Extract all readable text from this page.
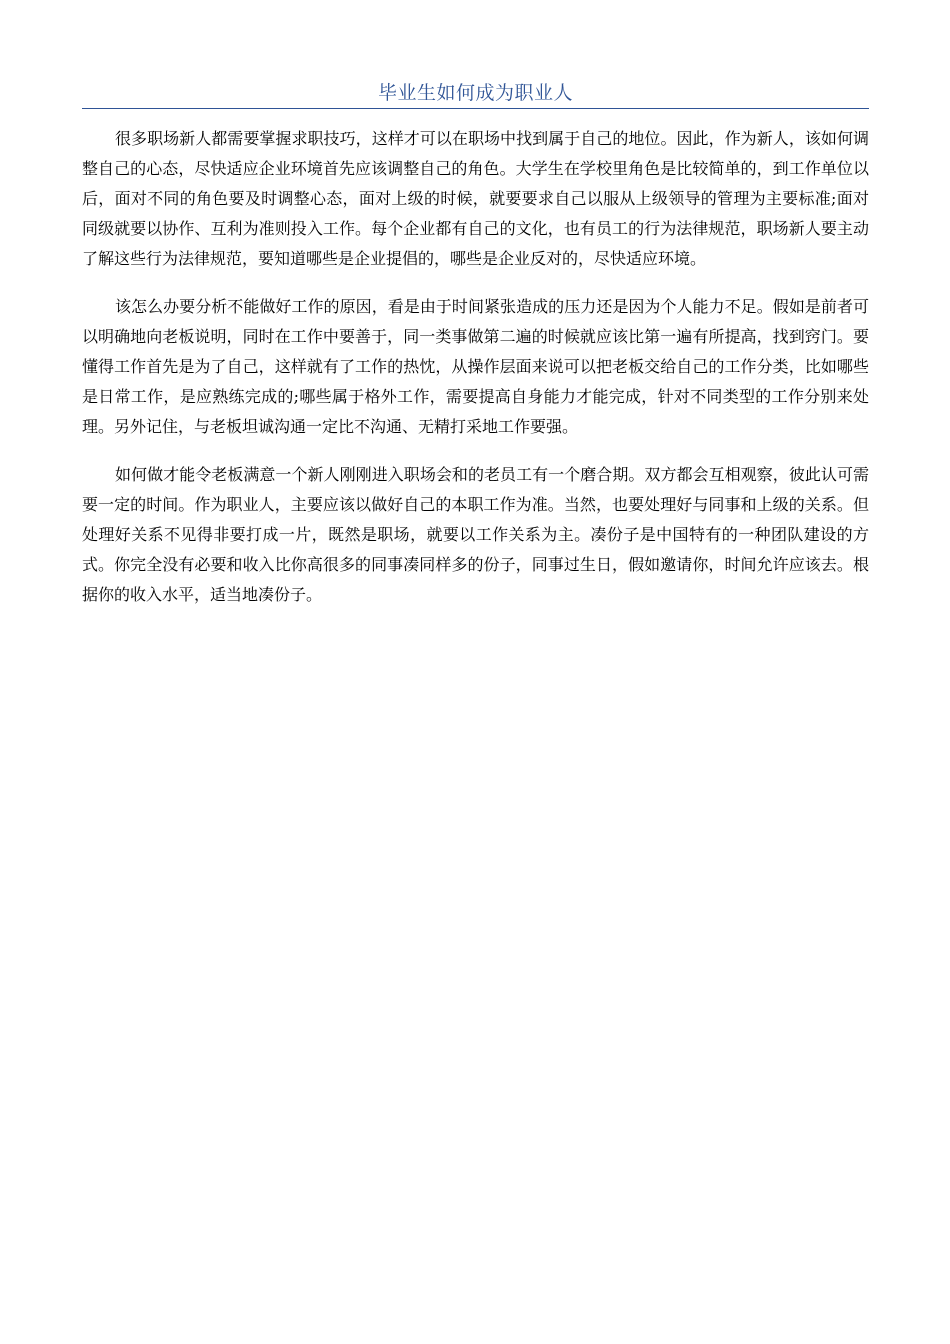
毕业生如何成为职业人

很多职场新人都需要掌握求职技巧，这样才可以在职场中找到属于自己的地位。因此，作为新人，该如何调整自己的心态，尽快适应企业环境首先应该调整自己的角色。大学生在学校里角色是比较简单的，到工作单位以后，面对不同的角色要及时调整心态，面对上级的时候，就要要求自己以服从上级领导的管理为主要标准;面对同级就要以协作、互利为准则投入工作。每个企业都有自己的文化，也有员工的行为法律规范，职场新人要主动了解这些行为法律规范，要知道哪些是企业提倡的，哪些是企业反对的，尽快适应环境。

该怎么办要分析不能做好工作的原因，看是由于时间紧张造成的压力还是因为个人能力不足。假如是前者可以明确地向老板说明，同时在工作中要善于，同一类事做第二遍的时候就应该比第一遍有所提高，找到窍门。要懂得工作首先是为了自己，这样就有了工作的热忱，从操作层面来说可以把老板交给自己的工作分类，比如哪些是日常工作，是应熟练完成的;哪些属于格外工作，需要提高自身能力才能完成，针对不同类型的工作分别来处理。另外记住，与老板坦诚沟通一定比不沟通、无精打采地工作要强。

如何做才能令老板满意一个新人刚刚进入职场会和的老员工有一个磨合期。双方都会互相观察，彼此认可需要一定的时间。作为职业人，主要应该以做好自己的本职工作为准。当然，也要处理好与同事和上级的关系。但处理好关系不见得非要打成一片，既然是职场，就要以工作关系为主。凑份子是中国特有的一种团队建设的方式。你完全没有必要和收入比你高很多的同事凑同样多的份子，同事过生日，假如邀请你，时间允许应该去。根据你的收入水平，适当地凑份子。
